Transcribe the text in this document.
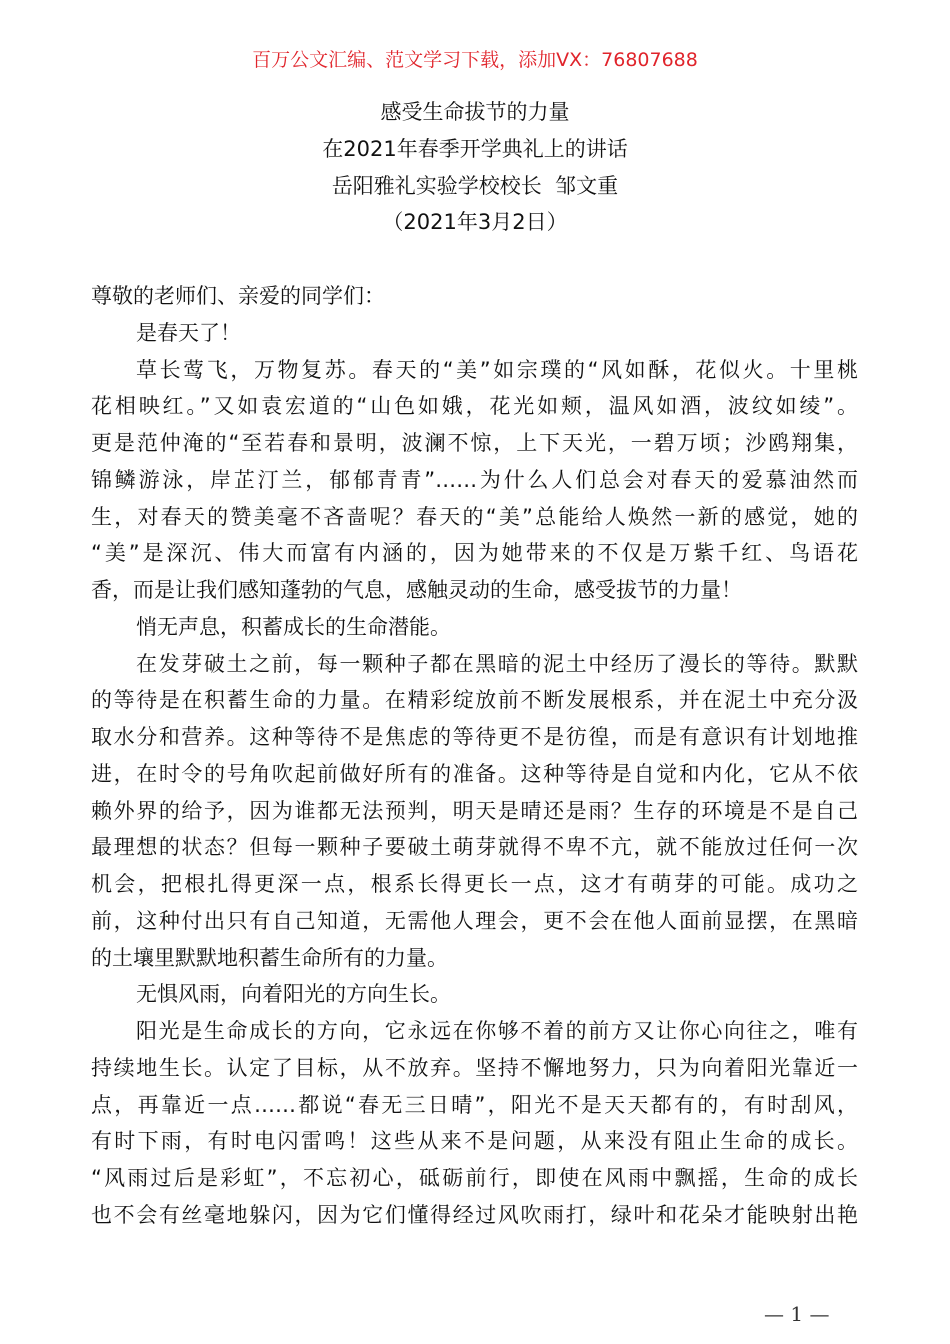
百万公文汇编、范文学习下载，添加VX：76807688
感受生命拔节的力量
在2021年春季开学典礼上的讲话
岳阳雅礼实验学校校长  邹文重
（2021年3月2日）
尊敬的老师们、亲爱的同学们：
是春天了！
草长莺飞，万物复苏。春天的“美”如宗璞的“风如酥，花似火。十里桃
花相映红。”又如袁宏道的“山色如娥，花光如颊，温风如酒，波纹如绫”。
更是范仲淹的“至若春和景明，波澜不惊，上下天光，一碧万顷；沙鸥翔集，
锦鳞游泳，岸芷汀兰，郁郁青青”……为什么人们总会对春天的爱慕油然而
生，对春天的赞美毫不吝啬呢？春天的“美”总能给人焕然一新的感觉，她的
“美”是深沉、伟大而富有内涵的，因为她带来的不仅是万紫千红、鸟语花
香，而是让我们感知蓬勃的气息，感触灵动的生命，感受拔节的力量！
悄无声息，积蓄成长的生命潜能。
在发芽破土之前，每一颗种子都在黑暗的泥土中经历了漫长的等待。默默
的等待是在积蓄生命的力量。在精彩绽放前不断发展根系，并在泥土中充分汲
取水分和营养。这种等待不是焦虑的等待更不是彷徨，而是有意识有计划地推
进，在时令的号角吹起前做好所有的准备。这种等待是自觉和内化，它从不依
赖外界的给予，因为谁都无法预判，明天是晴还是雨？生存的环境是不是自己
最理想的状态？但每一颗种子要破土萌芽就得不卑不亢，就不能放过任何一次
机会，把根扎得更深一点，根系长得更长一点，这才有萌芽的可能。成功之
前，这种付出只有自己知道，无需他人理会，更不会在他人面前显摆，在黑暗
的土壤里默默地积蓄生命所有的力量。
无惧风雨，向着阳光的方向生长。
阳光是生命成长的方向，它永远在你够不着的前方又让你心向往之，唯有
持续地生长。认定了目标，从不放弃。坚持不懈地努力，只为向着阳光靠近一
点，再靠近一点……都说“春无三日晴”，阳光不是天天都有的，有时刮风，
有时下雨，有时电闪雷鸣！这些从来不是问题，从来没有阻止生命的成长。
“风雨过后是彩虹”，不忘初心，砥砺前行，即使在风雨中飘摇，生命的成长
也不会有丝毫地躲闪，因为它们懂得经过风吹雨打，绿叶和花朵才能映射出艳
— 1 —
